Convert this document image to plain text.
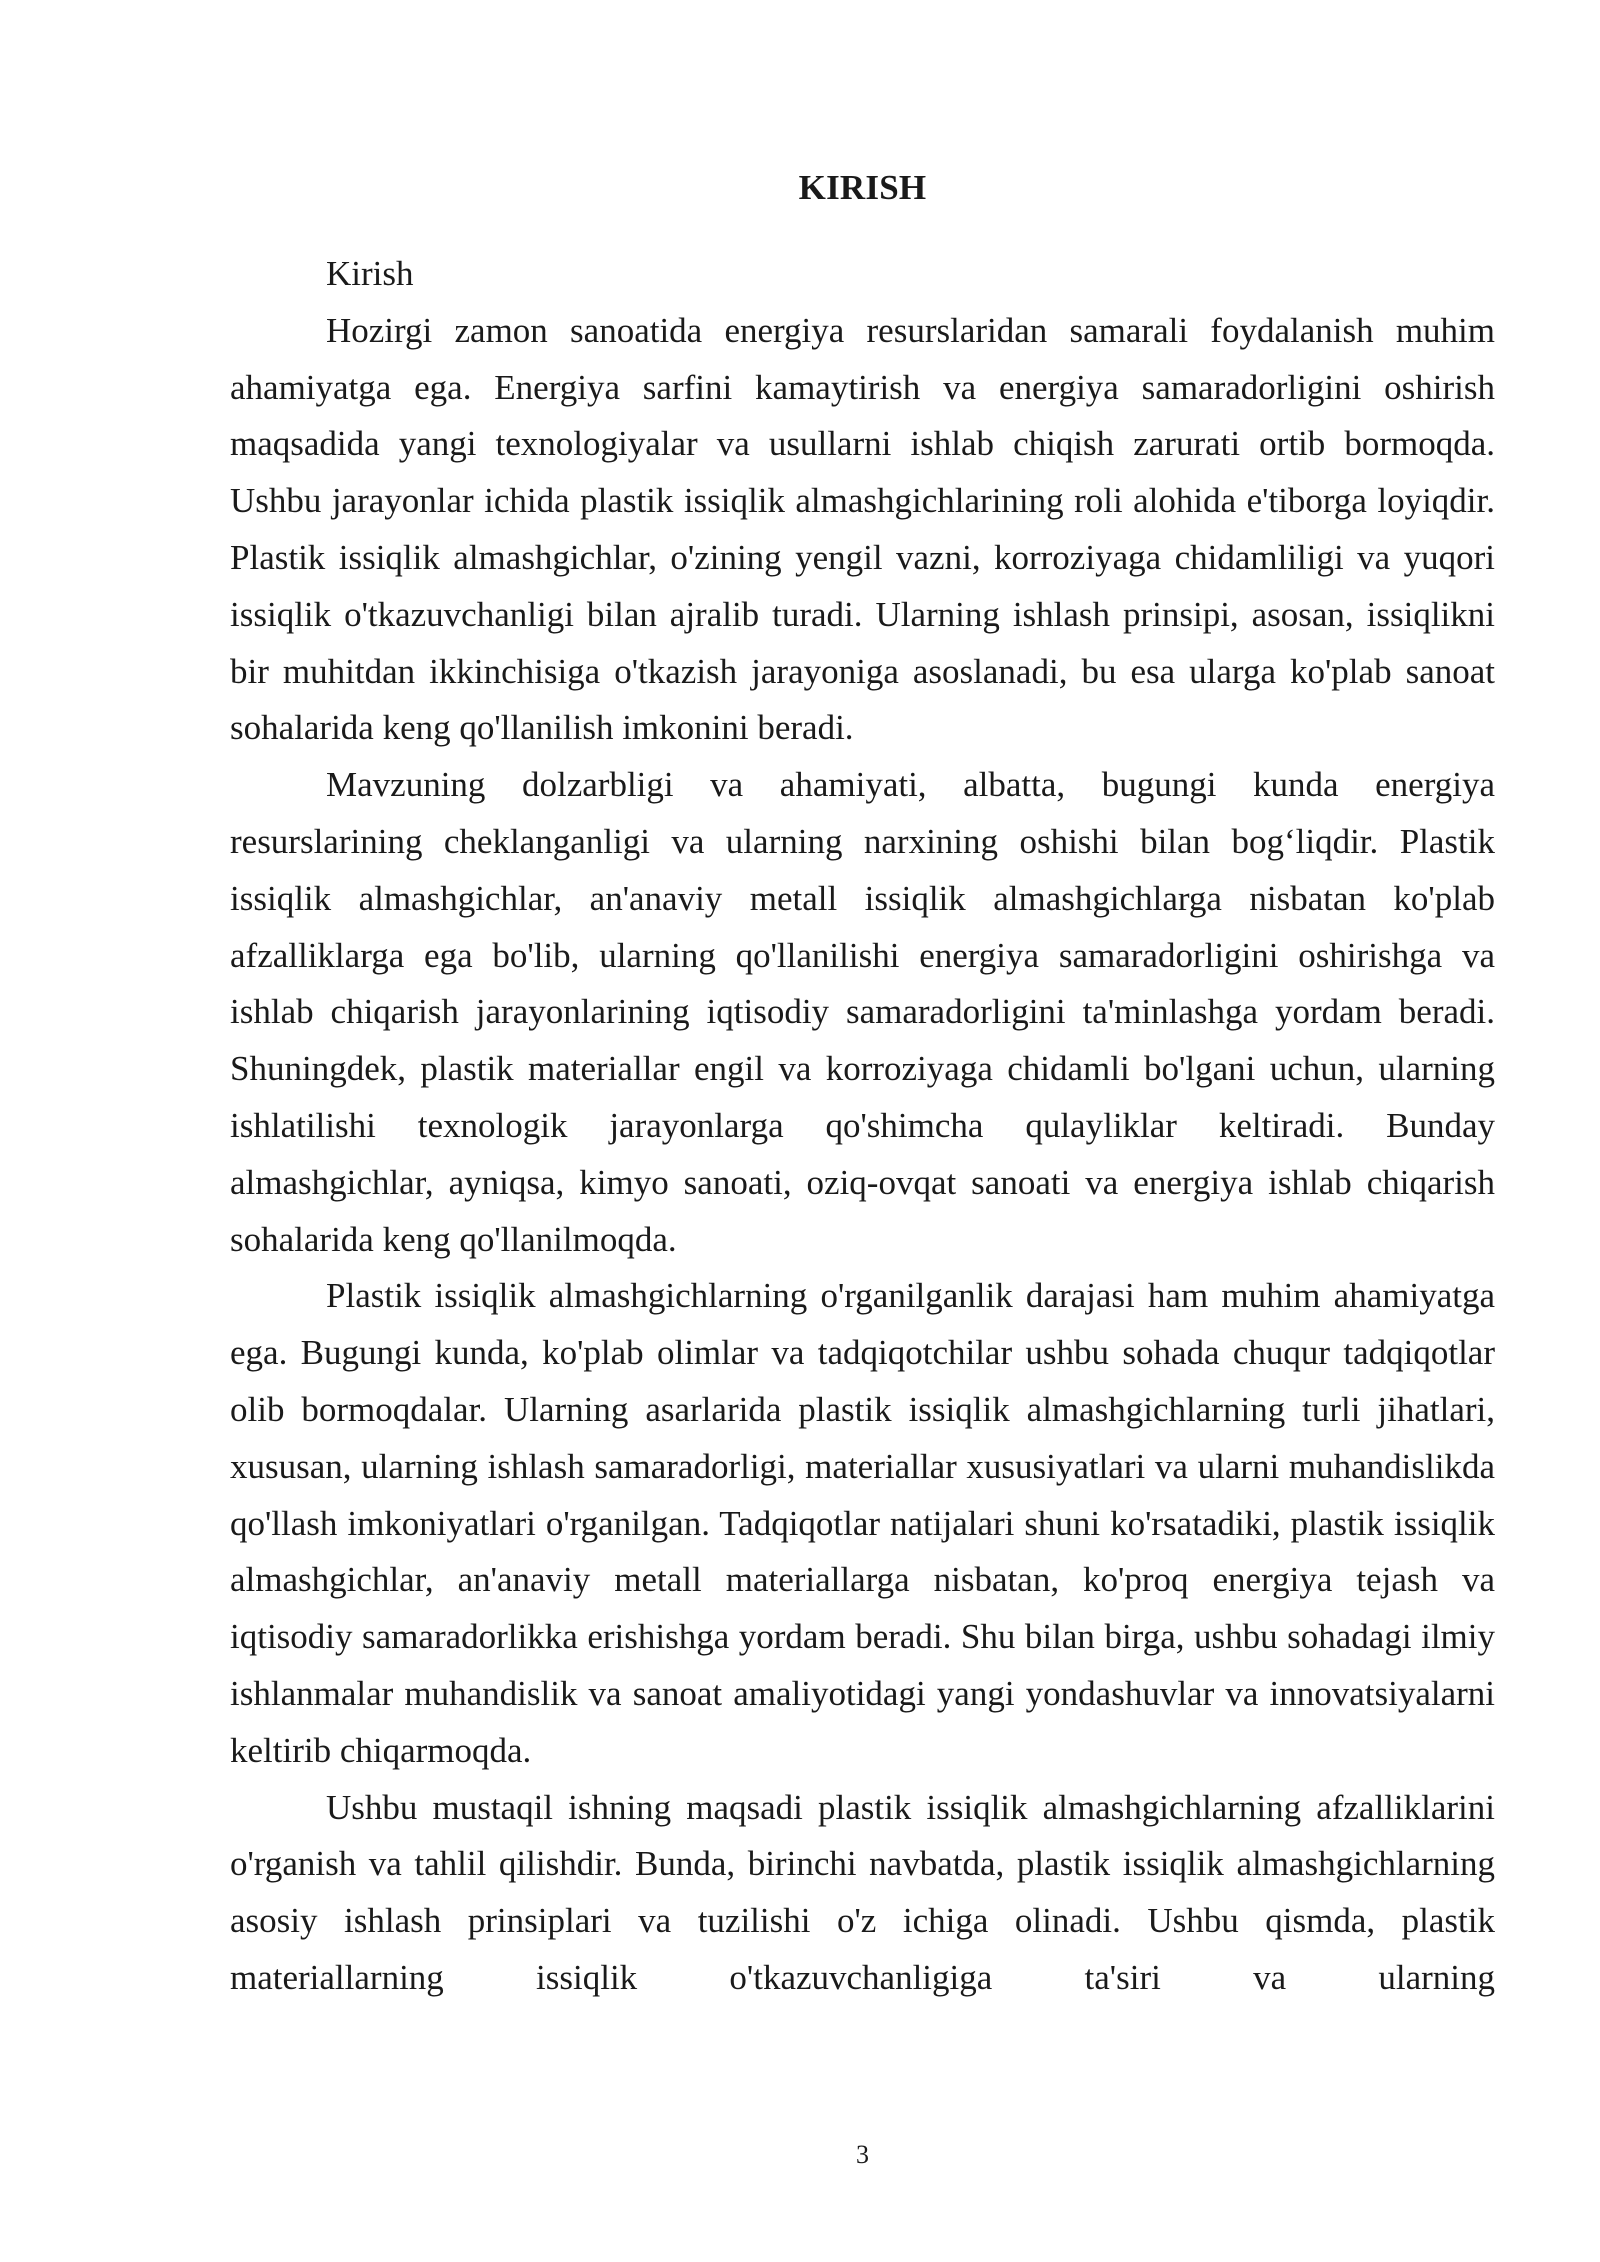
KIRISH

Kirish

Hozirgi zamon sanoatida energiya resurslaridan samarali foydalanish muhim ahamiyatga ega. Energiya sarfini kamaytirish va energiya samaradorligini oshirish maqsadida yangi texnologiyalar va usullarni ishlab chiqish zarurati ortib bormoqda. Ushbu jarayonlar ichida plastik issiqlik almashgichlarining roli alohida e'tiborga loyiqdir. Plastik issiqlik almashgichlar, o'zining yengil vazni, korroziyaga chidamliligi va yuqori issiqlik o'tkazuvchanligi bilan ajralib turadi. Ularning ishlash prinsipi, asosan, issiqlikni bir muhitdan ikkinchisiga o'tkazish jarayoniga asoslanadi, bu esa ularga ko'plab sanoat sohalarida keng qo'llanilish imkonini beradi.

Mavzuning dolzarbligi va ahamiyati, albatta, bugungi kunda energiya resurslarining cheklanganligi va ularning narxining oshishi bilan bog‘liqdir. Plastik issiqlik almashgichlar, an'anaviy metall issiqlik almashgichlarga nisbatan ko'plab afzalliklarga ega bo'lib, ularning qo'llanilishi energiya samaradorligini oshirishga va ishlab chiqarish jarayonlarining iqtisodiy samaradorligini ta'minlashga yordam beradi. Shuningdek, plastik materiallar engil va korroziyaga chidamli bo'lgani uchun, ularning ishlatilishi texnologik jarayonlarga qo'shimcha qulayliklar keltiradi. Bunday almashgichlar, ayniqsa, kimyo sanoati, oziq-ovqat sanoati va energiya ishlab chiqarish sohalarida keng qo'llanilmoqda.

Plastik issiqlik almashgichlarning o'rganilganlik darajasi ham muhim ahamiyatga ega. Bugungi kunda, ko'plab olimlar va tadqiqotchilar ushbu sohada chuqur tadqiqotlar olib bormoqdalar. Ularning asarlarida plastik issiqlik almashgichlarning turli jihatlari, xususan, ularning ishlash samaradorligi, materiallar xususiyatlari va ularni muhandislikda qo'llash imkoniyatlari o'rganilgan. Tadqiqotlar natijalari shuni ko'rsatadiki, plastik issiqlik almashgichlar, an'anaviy metall materiallarga nisbatan, ko'proq energiya tejash va iqtisodiy samaradorlikka erishishga yordam beradi. Shu bilan birga, ushbu sohadagi ilmiy ishlanmalar muhandislik va sanoat amaliyotidagi yangi yondashuvlar va innovatsiyalarni keltirib chiqarmoqda.

Ushbu mustaqil ishning maqsadi plastik issiqlik almashgichlarning afzalliklarini o'rganish va tahlil qilishdir. Bunda, birinchi navbatda, plastik issiqlik almashgichlarning asosiy ishlash prinsiplari va tuzilishi o'z ichiga olinadi. Ushbu qismda, plastik materiallarning issiqlik o'tkazuvchanligiga ta'siri va ularning

3
